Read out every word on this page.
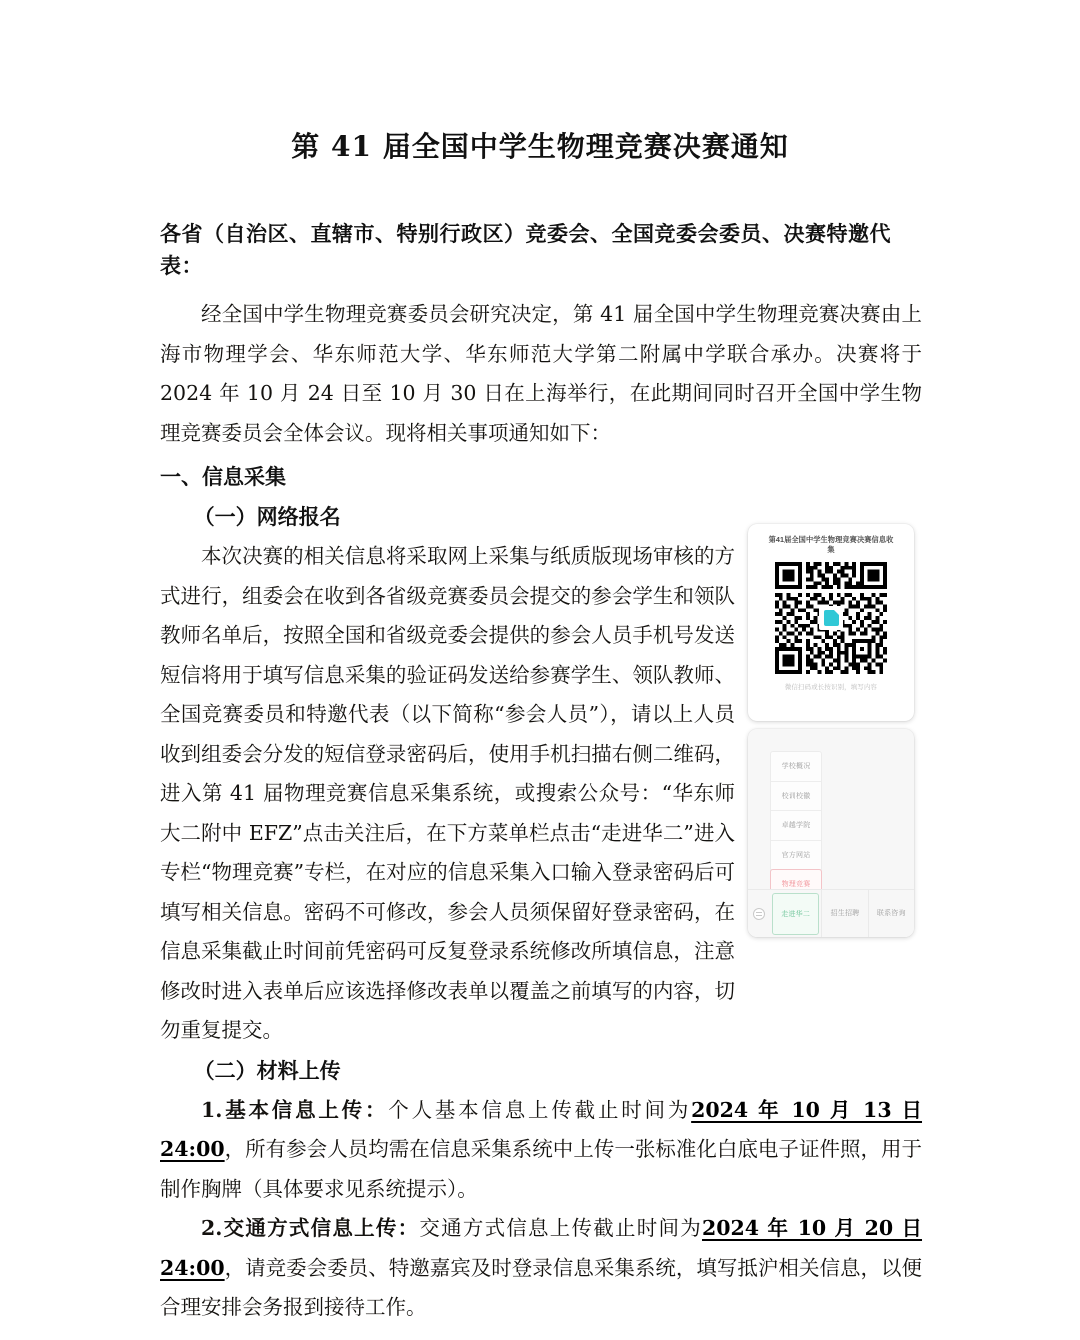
第 41 届全国中学生物理竞赛决赛通知
各省（自治区、直辖市、特别行政区）竞委会、全国竞委会委员、决赛特邀代表：

经全国中学生物理竞赛委员会研究决定，第 41 届全国中学生物理竞赛决赛由上海市物理学会、华东师范大学、华东师范大学第二附属中学联合承办。决赛将于 2024 年 10 月 24 日至 10 月 30 日在上海举行，在此期间同时召开全国中学生物理竞赛委员会全体会议。现将相关事项通知如下：

一、信息采集
（一）网络报名

本次决赛的相关信息将采取网上采集与纸质版现场审核的方式进行，组委会在收到各省级竞赛委员会提交的参会学生和领队教师名单后，按照全国和省级竞委会提供的参会人员手机号发送短信将用于填写信息采集的验证码发送给参赛学生、领队教师、全国竞赛委员和特邀代表（以下简称“参会人员”），请以上人员收到组委会分发的短信登录密码后，使用手机扫描右侧二维码，进入第 41 届物理竞赛信息采集系统，或搜索公众号：“华东师大二附中 EFZ”点击关注后，在下方菜单栏点击“走进华二”进入专栏“物理竞赛”专栏，在对应的信息采集入口输入登录密码后可填写相关信息。密码不可修改，参会人员须保留好登录密码，在信息采集截止时间前凭密码可反复登录系统修改所填信息，注意修改时进入表单后应该选择修改表单以覆盖之前填写的内容，切勿重复提交。

（二）材料上传

1.基本信息上传：个人基本信息上传截止时间为2024 年 10 月 13 日 24:00，所有参会人员均需在信息采集系统中上传一张标准化白底电子证件照，用于制作胸牌（具体要求见系统提示）。

2.交通方式信息上传：交通方式信息上传截止时间为2024 年 10 月 20 日 24:00，请竞委会委员、特邀嘉宾及时登录信息采集系统，填写抵沪相关信息，以便合理安排会务报到接待工作。

第41届全国中学生物理竞赛决赛信息收集
微信扫码或长按识别，填写内容
学校概况
校训校徽
卓越学院
官方网站
物理竞赛
走进华二	招生招聘	联系咨询
